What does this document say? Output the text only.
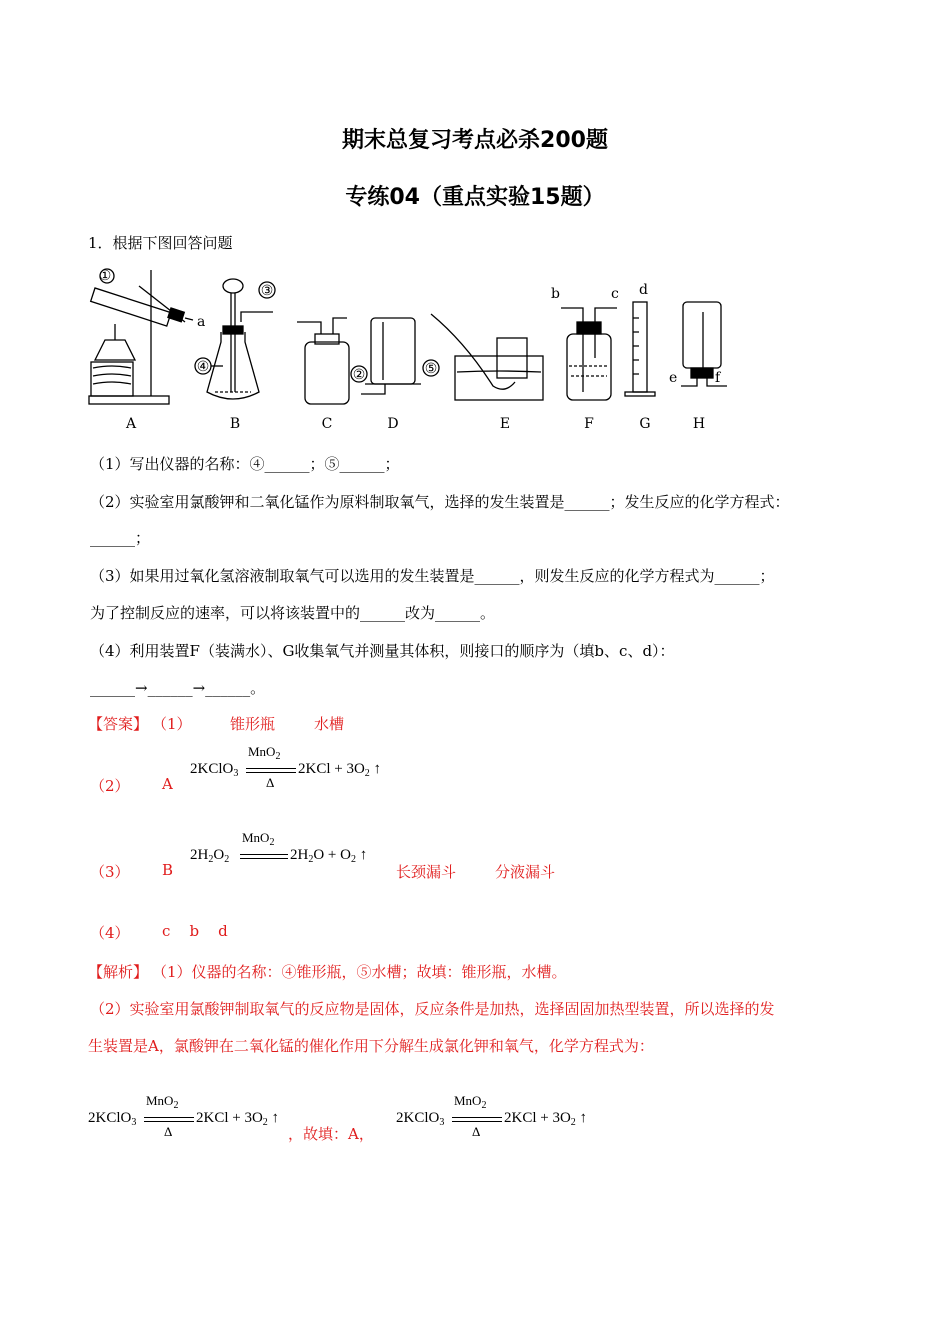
期末总复习考点必杀200题
专练04（重点实验15题）
1．根据下图回答问题
①
③
④	②	⑤
a
b	c d
e	f
A	B	C	D	E	F	G	H
（1）写出仪器的名称：④______；⑤______；
（2）实验室用氯酸钾和二氧化锰作为原料制取氧气，选择的发生装置是______；发生反应的化学方程式：
______；
（3）如果用过氧化氢溶液制取氧气可以选用的发生装置是______，则发生反应的化学方程式为______；
为了控制反应的速率，可以将该装置中的______改为______。
（4）利用装置F（装满水）、G收集氧气并测量其体积，则接口的顺序为（填b、c、d）：
______→______→______。
【答案】 （1）	锥形瓶	水槽
（2） A
2KClO$_3$
MnO$_2$
Δ
$2KCl + 3O_2$ ↑
（3） B
$2H_2O_2$
MnO$_2$
$2H_2O + O_2$ ↑
长颈漏斗	分液漏斗
（4） c    b    d
【解析】 （1）仪器的名称：④锥形瓶，⑤水槽；故填：锥形瓶，水槽。
（2）实验室用氯酸钾制取氧气的反应物是固体，反应条件是加热，选择固固加热型装置，所以选择的发
生装置是A，氯酸钾在二氧化锰的催化作用下分解生成氯化钾和氧气，化学方程式为：
2KClO$_3$
MnO$_2$
Δ
$2KCl + 3O_2$ ↑
，故填：A，
2KClO$_3$
MnO$_2$
Δ
$2KCl + 3O_2$ ↑
